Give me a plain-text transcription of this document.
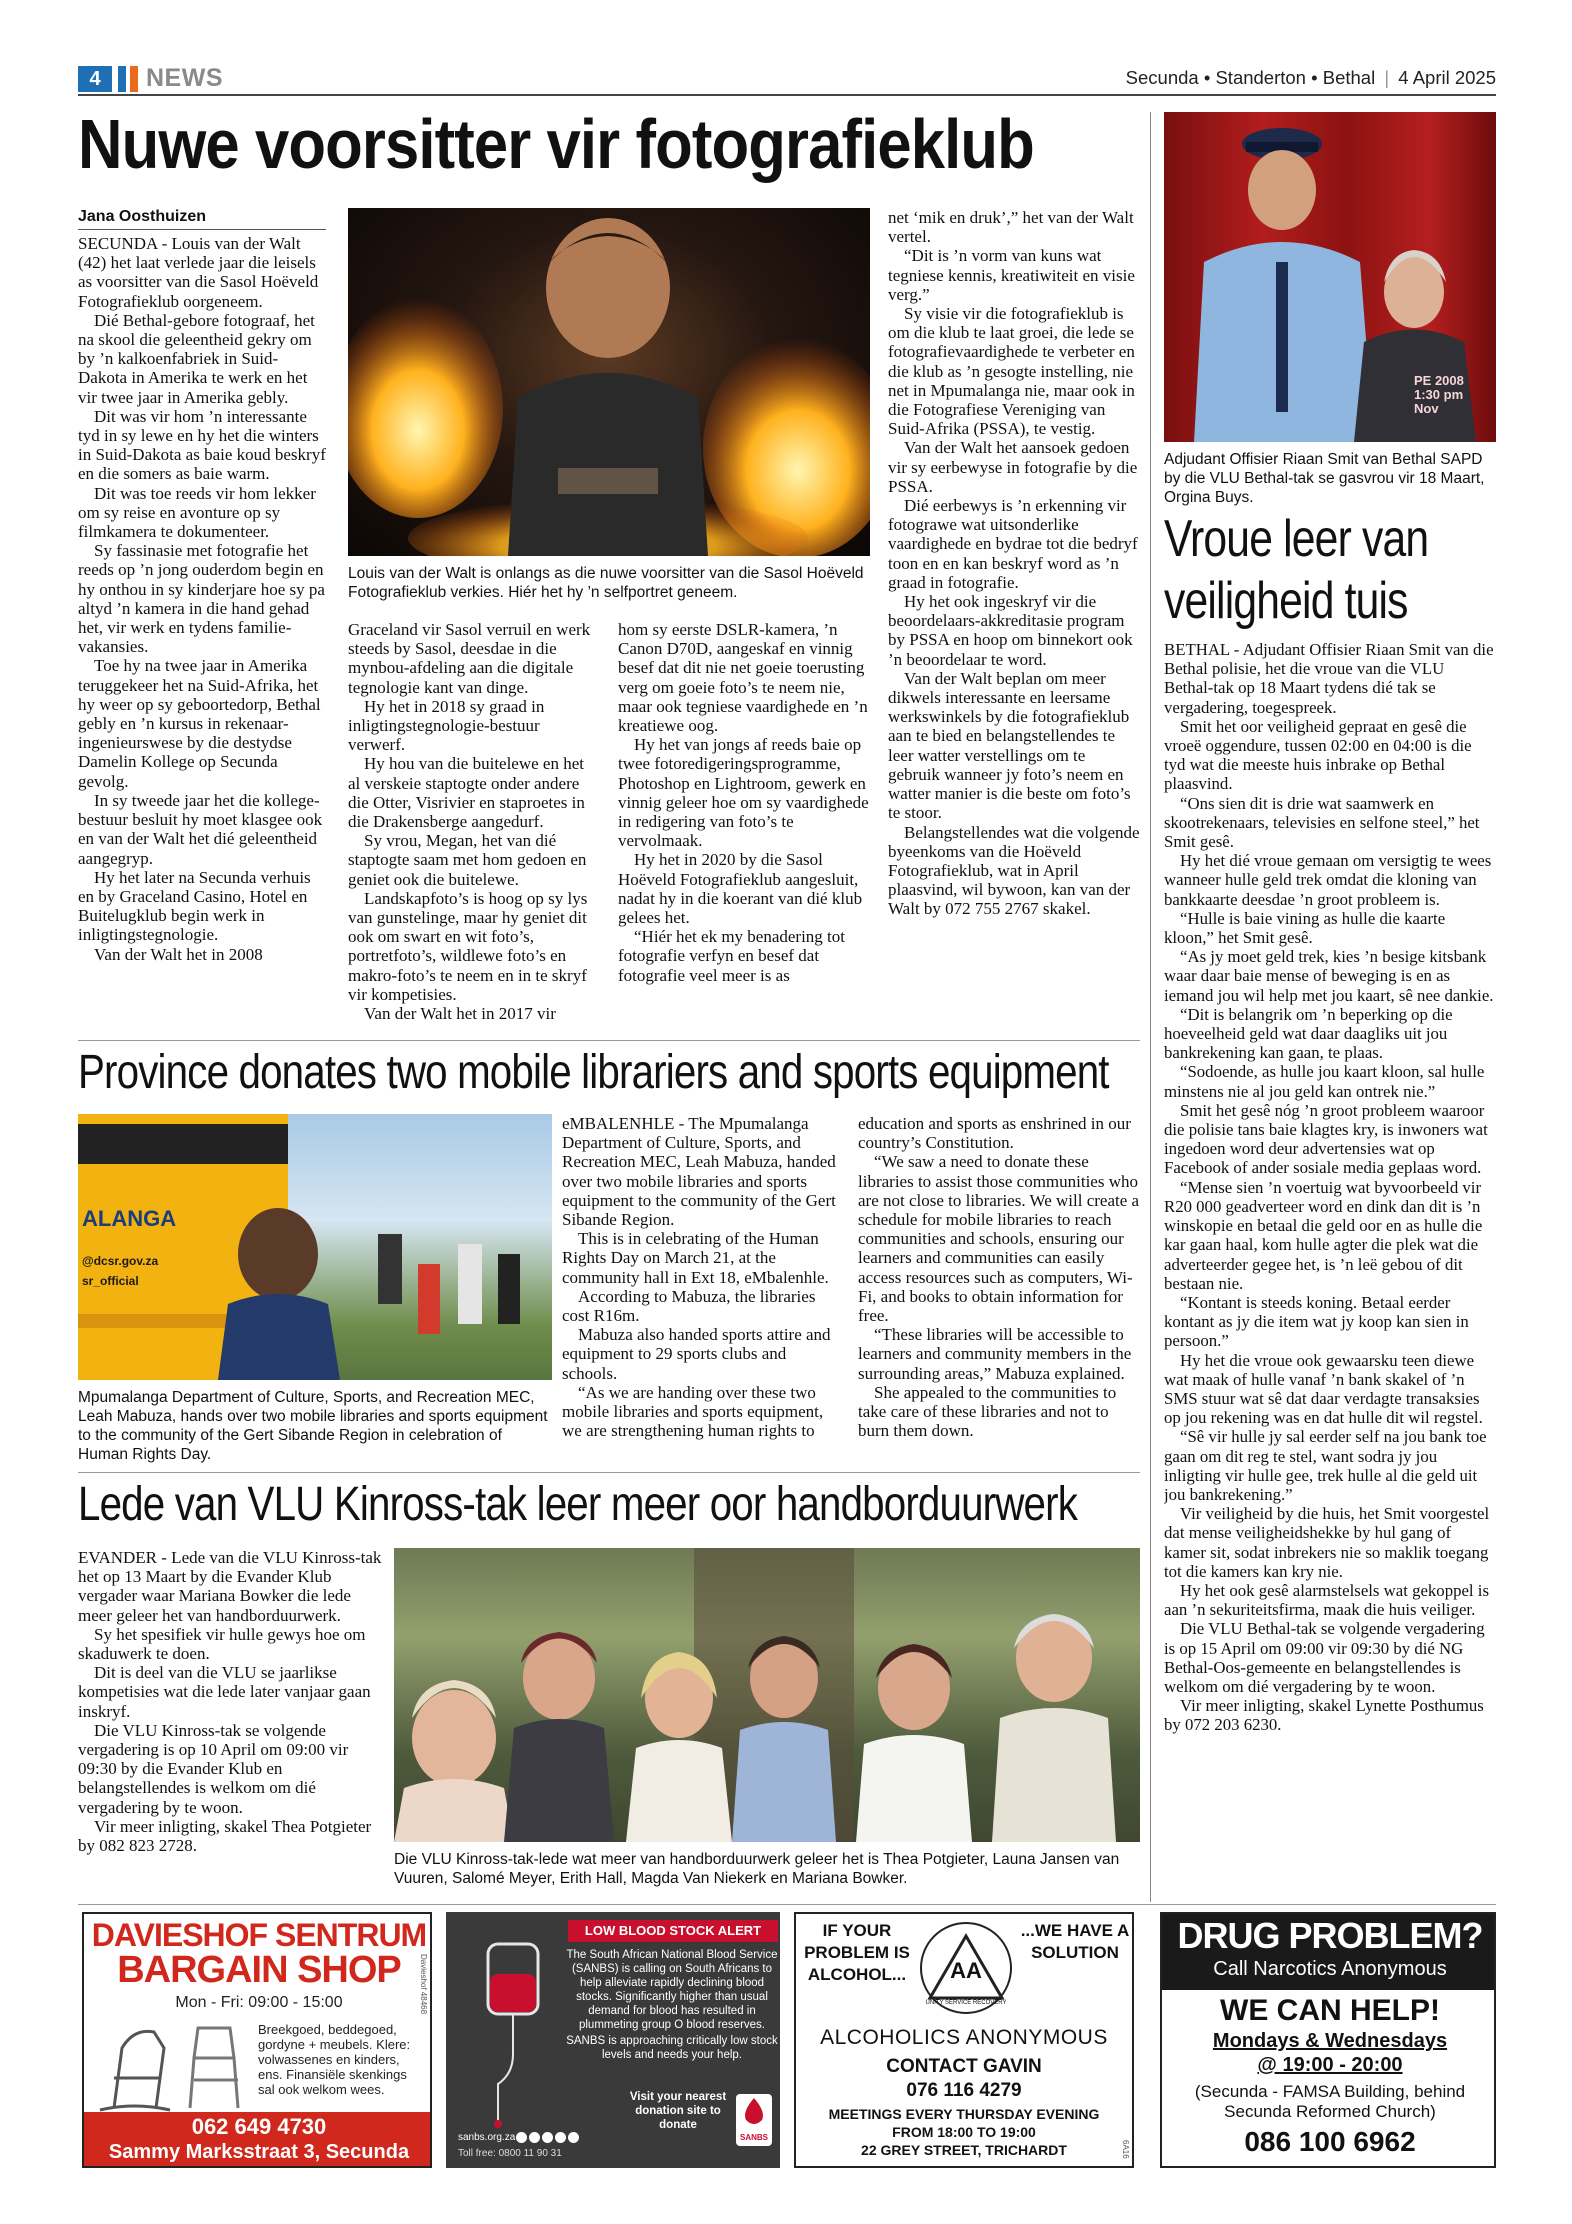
4	NEWS	Secunda • Standerton • Bethal | 4 April 2025
Nuwe voorsitter vir fotografieklub
Jana Oosthuizen

SECUNDA - Louis van der Walt (42) het laat verlede jaar die leisels as voorsitter van die Sasol Hoëveld Fotografieklub oorgeneem.

Dié Bethal-gebore fotograaf, het na skool die geleentheid gekry om by ’n kalkoenfabriek in Suid-Dakota in Amerika te werk en het vir twee jaar in Amerika gebly.

Dit was vir hom ’n interessante tyd in sy lewe en hy het die winters in Suid-Dakota as baie koud beskryf en die somers as baie warm.

Dit was toe reeds vir hom lekker om sy reise en avonture op sy filmkamera te dokumenteer.

Sy fassinasie met fotografie het reeds op ’n jong ouderdom begin en hy onthou in sy kinderjare hoe sy pa altyd ’n kamera in die hand gehad het, vir werk en tydens familie-vakansies.

Toe hy na twee jaar in Amerika teruggekeer het na Suid-Afrika, het hy weer op sy geboortedorp, Bethal gebly en ’n kursus in rekenaar-ingenieurswese by die destydse Damelin Kollege op Secunda gevolg.

In sy tweede jaar het die kollege-bestuur besluit hy moet klasgee ook en van der Walt het dié geleentheid aangegryp.

Hy het later na Secunda verhuis en by Graceland Casino, Hotel en Buitelugklub begin werk in inligtingstegnologie.

Van der Walt het in 2008

Louis van der Walt is onlangs as die nuwe voorsitter van die Sasol Hoëveld Fotografieklub verkies. Hiér het hy ’n selfportret geneem.

Graceland vir Sasol verruil en werk steeds by Sasol, deesdae in die mynbou-afdeling aan die digitale tegnologie kant van dinge.

Hy het in 2018 sy graad in inligtingstegnologie-bestuur verwerf.

Hy hou van die buitelewe en het al verskeie staptogte onder andere die Otter, Visrivier en staproetes in die Drakensberge aangedurf.

Sy vrou, Megan, het van dié staptogte saam met hom gedoen en geniet ook die buitelewe.

Landskapfoto’s is hoog op sy lys van gunstelinge, maar hy geniet dit ook om swart en wit foto’s, portretfoto’s, wildlewe foto’s en makro-foto’s te neem en in te skryf vir kompetisies.

Van der Walt het in 2017 vir

hom sy eerste DSLR-kamera, ’n Canon D70D, aangeskaf en vinnig besef dat dit nie net goeie toerusting verg om goeie foto’s te neem nie, maar ook tegniese vaardighede en ’n kreatiewe oog.

Hy het van jongs af reeds baie op twee fotoredigeringsprogramme, Photoshop en Lightroom, gewerk en vinnig geleer hoe om sy vaardighede in redigering van foto’s te vervolmaak.

Hy het in 2020 by die Sasol Hoëveld Fotografieklub aangesluit, nadat hy in die koerant van dié klub gelees het.

“Hiér het ek my benadering tot fotografie verfyn en besef dat fotografie veel meer is as

net ‘mik en druk’,” het van der Walt vertel.

“Dit is ’n vorm van kuns wat tegniese kennis, kreatiwiteit en visie verg.”

Sy visie vir die fotografieklub is om die klub te laat groei, die lede se fotografievaardighede te verbeter en die klub as ’n gesogte instelling, nie net in Mpumalanga nie, maar ook in die Fotografiese Vereniging van Suid-Afrika (PSSA), te vestig.

Van der Walt het aansoek gedoen vir sy eerbewyse in fotografie by die PSSA.

Dié eerbewys is ’n erkenning vir fotograwe wat uitsonderlike vaardighede en bydrae tot die bedryf toon en en kan beskryf word as ’n graad in fotografie.

Hy het ook ingeskryf vir die beoordelaars-akkreditasie program by PSSA en hoop om binnekort ook ’n beoordelaar te word.

Van der Walt beplan om meer dikwels interessante en leersame werkswinkels by die fotografieklub aan te bied en belangstellendes te leer watter verstellings om te gebruik wanneer jy foto’s neem en watter manier is die beste om foto’s te stoor.

Belangstellendes wat die volgende byeenkoms van die Hoëveld Fotografieklub, wat in April plaasvind, wil bywoon, kan van der Walt by 072 755 2767 skakel.

PE 2008 1:30 pm Nov
Adjudant Offisier Riaan Smit van Bethal SAPD by die VLU Bethal-tak se gasvrou vir 18 Maart, Orgina Buys.
Vroue leer van
veiligheid tuis

BETHAL - Adjudant Offisier Riaan Smit van die Bethal polisie, het die vroue van die VLU Bethal-tak op 18 Maart tydens dié tak se vergadering, toegespreek.

Smit het oor veiligheid gepraat en gesê die vroeë oggendure, tussen 02:00 en 04:00 is die tyd wat die meeste huis inbrake op Bethal plaasvind.

“Ons sien dit is drie wat saamwerk en skootrekenaars, televisies en selfone steel,” het Smit gesê.

Hy het dié vroue gemaan om versigtig te wees wanneer hulle geld trek omdat die kloning van bankkaarte deesdae ’n groot probleem is.

“Hulle is baie vining as hulle die kaarte kloon,” het Smit gesê.

“As jy moet geld trek, kies ’n besige kitsbank waar daar baie mense of beweging is en as iemand jou wil help met jou kaart, sê nee dankie.

“Dit is belangrik om ’n beperking op die hoeveelheid geld wat daar daagliks uit jou bankrekening kan gaan, te plaas.

“Sodoende, as hulle jou kaart kloon, sal hulle minstens nie al jou geld kan ontrek nie.”

Smit het gesê nóg ’n groot probleem waaroor die polisie tans baie klagtes kry, is inwoners wat ingedoen word deur advertensies wat op Facebook of ander sosiale media geplaas word.

“Mense sien ’n voertuig wat byvoorbeeld vir R20 000 geadverteer word en dink dan dit is ’n winskopie en betaal die geld oor en as hulle die kar gaan haal, kom hulle agter die plek wat die adverteerder gegee het, is ’n leë gebou of dit bestaan nie.

“Kontant is steeds koning. Betaal eerder kontant as jy die item wat jy koop kan sien in persoon.”

Hy het die vroue ook gewaarsku teen diewe wat maak of hulle vanaf ’n bank skakel of ’n SMS stuur wat sê dat daar verdagte transaksies op jou rekening was en dat hulle dit wil regstel.

“Sê vir hulle jy sal eerder self na jou bank toe gaan om dit reg te stel, want sodra jy jou inligting vir hulle gee, trek hulle al die geld uit jou bankrekening.”

Vir veiligheid by die huis, het Smit voorgestel dat mense veiligheidshekke by hul gang of kamer sit, sodat inbrekers nie so maklik toegang tot die kamers kan kry nie.

Hy het ook gesê alarmstelsels wat gekoppel is aan ’n sekuriteitsfirma, maak die huis veiliger.

Die VLU Bethal-tak se volgende vergadering is op 15 April om 09:00 vir 09:30 by dié NG Bethal-Oos-gemeente en belangstellendes is welkom om dié vergadering by te woon.

Vir meer inligting, skakel Lynette Posthumus by 072 203 6230.

Province donates two mobile librariers and sports equipment
ALANGA
@dcsr.gov.za
sr_official
Mpumalanga Department of Culture, Sports, and Recreation MEC, Leah Mabuza, hands over two mobile libraries and sports equipment to the community of the Gert Sibande Region in celebration of Human Rights Day.

eMBALENHLE - The Mpumalanga Department of Culture, Sports, and Recreation MEC, Leah Mabuza, handed over two mobile libraries and sports equipment to the community of the Gert Sibande Region.

This is in celebrating of the Human Rights Day on March 21, at the community hall in Ext 18, eMbalenhle.

According to Mabuza, the libraries cost R16m.

Mabuza also handed sports attire and equipment to 29 sports clubs and schools.

“As we are handing over these two mobile libraries and sports equipment, we are strengthening human rights to

education and sports as enshrined in our country’s Constitution.

“We saw a need to donate these libraries to assist those communities who are not close to libraries. We will create a schedule for mobile libraries to reach communities and schools, ensuring our learners and communities can easily access resources such as computers, Wi-Fi, and books to obtain information for free.

“These libraries will be accessible to learners and community members in the surrounding areas,” Mabuza explained.

She appealed to the communities to take care of these libraries and not to burn them down.

Lede van VLU Kinross-tak leer meer oor handborduurwerk

EVANDER - Lede van die VLU Kinross-tak het op 13 Maart by die Evander Klub vergader waar Mariana Bowker die lede meer geleer het van handborduurwerk.

Sy het spesifiek vir hulle gewys hoe om skaduwerk te doen.

Dit is deel van die VLU se jaarlikse kompetisies wat die lede later vanjaar gaan inskryf.

Die VLU Kinross-tak se volgende vergadering is op 10 April om 09:00 vir 09:30 by die Evander Klub en belangstellendes is welkom om dié vergadering by te woon.

Vir meer inligting, skakel Thea Potgieter by 082 823 2728.

Die VLU Kinross-tak-lede wat meer van handborduurwerk geleer het is Thea Potgieter, Launa Jansen van Vuuren, Salomé Meyer, Erith Hall, Magda Van Niekerk en Mariana Bowker.
DAVIESHOF SENTRUM
BARGAIN SHOP
Mon - Fri: 09:00 - 15:00	Davieshof 48468
Breekgoed, beddegoed, gordyne + meubels. Klere: volwassenes en kinders, ens. Finansiële skenkings sal ook welkom wees.
062 649 4730
Sammy Marksstraat 3, Secunda
LOW BLOOD STOCK ALERT
The South African National Blood Service (SANBS) is calling on South Africans to help alleviate rapidly declining blood stocks. Significantly higher than usual demand for blood has resulted in plummeting group O blood reserves.
SANBS is approaching critically low stock levels and needs your help.
Visit your nearest donation site to donate
SANBS
sanbs.org.za
Toll free: 0800 11 90 31
IF YOUR PROBLEM IS ALCOHOL...
...WE HAVE A SOLUTION
AA
UNITY SERVICE RECOVERY
ALCOHOLICS ANONYMOUS
CONTACT GAVIN
076 116 4279
MEETINGS EVERY THURSDAY EVENING
FROM 18:00 TO 19:00
22 GREY STREET, TRICHARDT	6A16
DRUG PROBLEM?
Call Narcotics Anonymous
WE CAN HELP!
Mondays & Wednesdays
@ 19:00 - 20:00
(Secunda - FAMSA Building, behind Secunda Reformed Church)
086 100 6962
